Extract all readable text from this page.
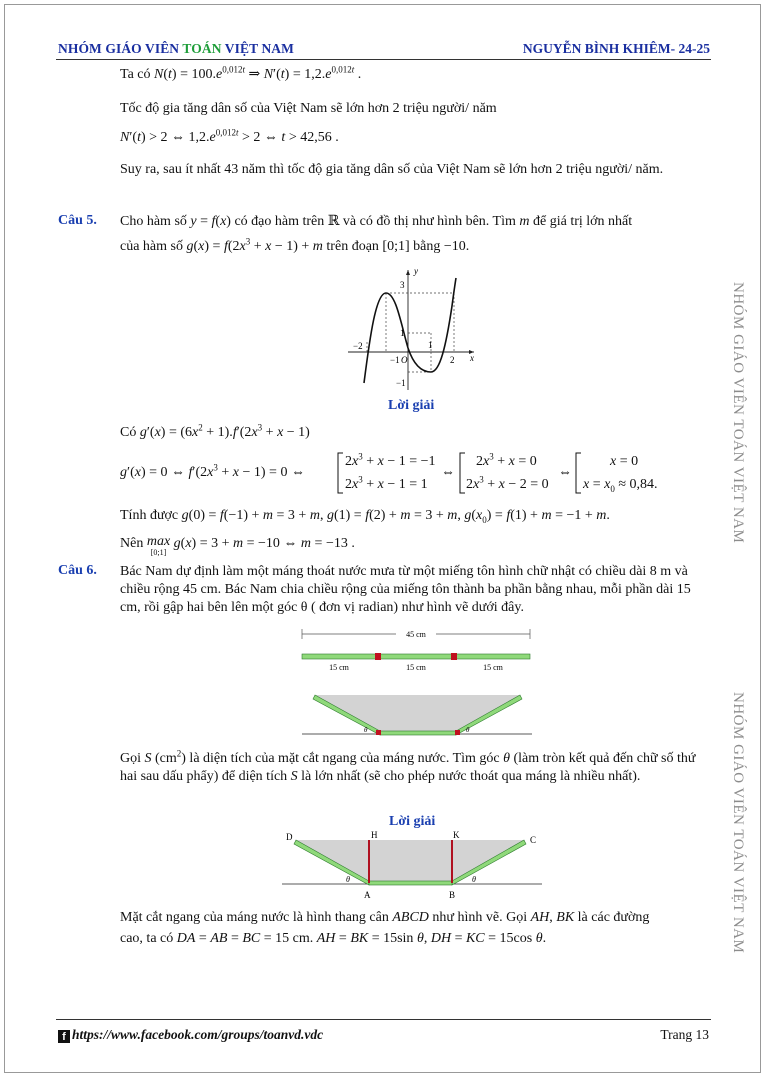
NHÓM GIÁO VIÊN TOÁN VIỆT NAM	NGUYỄN BÌNH KHIÊM- 24-25
NHÓM GIÁO VIÊN TOÁN VIỆT NAM
NHÓM GIÁO VIÊN TOÁN VIỆT NAM
Ta có $N(t) = 100.e^{0,012t}$ ⇒ $N'(t) = 1,2.e^{0,012t}$ .
Tốc độ gia tăng dân số của Việt Nam sẽ lớn hơn 2 triệu người/ năm
N′(t) > 2 ⇔ $1,2.e^{0,012t} > 2$ ⇔ t > 42,56 .
Suy ra, sau ít nhất 43 năm thì tốc độ gia tăng dân số của Việt Nam sẽ lớn hơn 2 triệu người/ năm.
Câu 5. Cho hàm số y = f(x) có đạo hàm trên ℝ và có đồ thị như hình bên. Tìm m để giá trị lớn nhất
của hàm số $g(x) = f(2x^3 + x - 1) + m$ trên đoạn [0;1] bằng −10.
y
3
−2
1
−1 O
1
2 x
−1
Lời giải
Có $g'(x) = (6x^2 + 1).f'(2x^3 + x - 1)$
g′(x) = 0 ⇔ $f'(2x^3 + x - 1) = 0$ ⇔
$2x^3 + x - 1 = -1$
$2x^3 + x - 1 = 1$
⇔
$2x^3 + x = 0$
$2x^3 + x - 2 = 0$
⇔
x = 0
$x = x_0 \approx 0,84$.
Tính được g(0) = f(−1) + m = 3 + m, g(1) = f(2) + m = 3 + m, $g(x_0) = f(1) + m = -1 + m$.
Nên max
[0;1] g(x) = 3 + m = −10 ⇔ m = −13 .
Câu 6. Bác Nam dự định làm một máng thoát nước mưa từ một miếng tôn hình chữ nhật có chiều dài 8 m và chiều rộng 45 cm. Bác Nam chia chiều rộng của miếng tôn thành ba phần bằng nhau, mỗi phần dài 15 cm, rồi gập hai bên lên một góc θ ( đơn vị radian) như hình vẽ dưới đây.
45 cm
15 cm	15 cm	15 cm
θ	θ
Gọi S $(cm^2)$ là diện tích của mặt cắt ngang của máng nước. Tìm góc θ (làm tròn kết quả đến chữ số thứ hai sau dấu phẩy) để diện tích S là lớn nhất (sẽ cho phép nước thoát qua máng là nhiều nhất).
Lời giải
D	H	K	C
A	B
θ	θ
Mặt cắt ngang của máng nước là hình thang cân ABCD như hình vẽ. Gọi AH, BK là các đường
cao, ta có DA = AB = BC = 15 cm. AH = BK = 15sin θ, DH = KC = 15cos θ.
f https://www.facebook.com/groups/toanvd.vdc	Trang 13
